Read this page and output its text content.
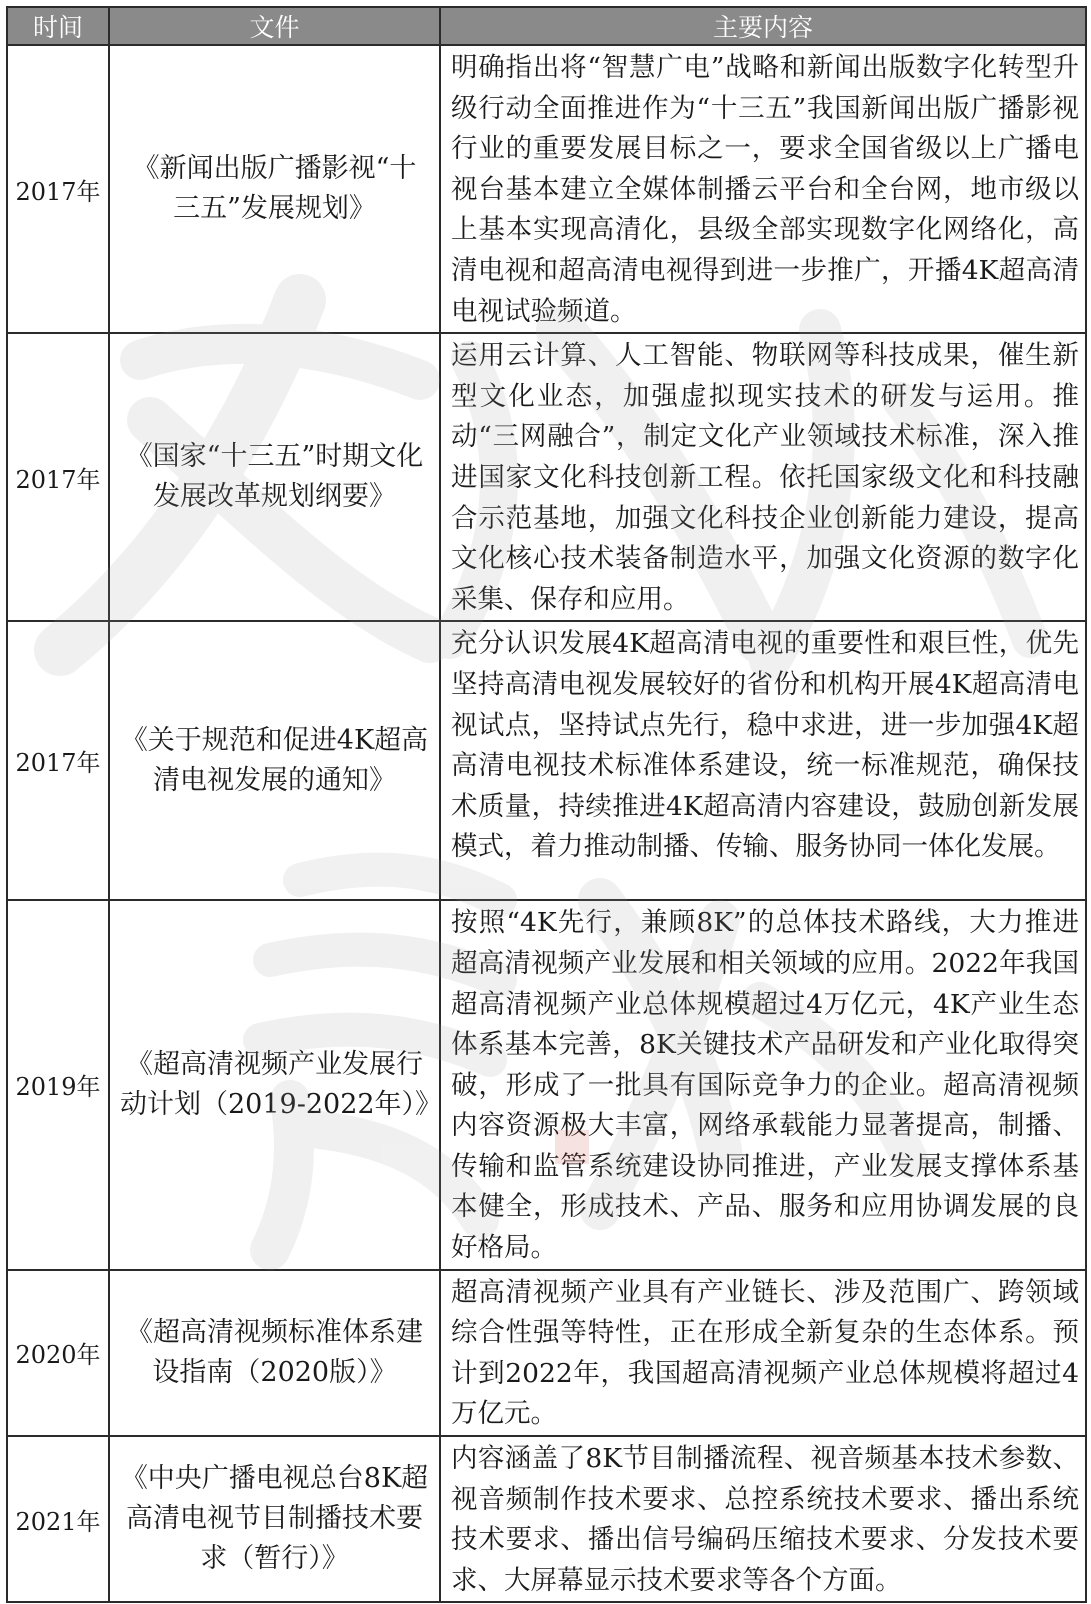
时间	文件	主要内容
2017年	《新闻出版广播影视“十三五”发展规划》	明确指出将“智慧广电”战略和新闻出版数字化转型升级行动全面推进作为“十三五”我国新闻出版广播影视行业的重要发展目标之一，要求全国省级以上广播电视台基本建立全媒体制播云平台和全台网，地市级以上基本实现高清化，县级全部实现数字化网络化，高清电视和超高清电视得到进一步推广，开播4K超高清电视试验频道。
2017年	《国家“十三五”时期文化发展改革规划纲要》	运用云计算、人工智能、物联网等科技成果，催生新型文化业态，加强虚拟现实技术的研发与运用。推动“三网融合”，制定文化产业领域技术标准，深入推进国家文化科技创新工程。依托国家级文化和科技融合示范基地，加强文化科技企业创新能力建设，提高文化核心技术装备制造水平，加强文化资源的数字化采集、保存和应用。
2017年	《关于规范和促进4K超高清电视发展的通知》	充分认识发展4K超高清电视的重要性和艰巨性，优先坚持高清电视发展较好的省份和机构开展4K超高清电视试点，坚持试点先行，稳中求进，进一步加强4K超高清电视技术标准体系建设，统一标准规范，确保技术质量，持续推进4K超高清内容建设，鼓励创新发展模式，着力推动制播、传输、服务协同一体化发展。
2019年	《超高清视频产业发展行动计划（2019-2022年）》	按照“4K先行，兼顾8K”的总体技术路线，大力推进超高清视频产业发展和相关领域的应用。2022年我国超高清视频产业总体规模超过4万亿元，4K产业生态体系基本完善，8K关键技术产品研发和产业化取得突破，形成了一批具有国际竞争力的企业。超高清视频内容资源极大丰富，网络承载能力显著提高，制播、传输和监管系统建设协同推进，产业发展支撑体系基本健全，形成技术、产品、服务和应用协调发展的良好格局。
2020年	《超高清视频标准体系建设指南（2020版）》	超高清视频产业具有产业链长、涉及范围广、跨领域综合性强等特性，正在形成全新复杂的生态体系。预计到2022年，我国超高清视频产业总体规模将超过4万亿元。
2021年	《中央广播电视总台8K超高清电视节目制播技术要求（暂行）》	内容涵盖了8K节目制播流程、视音频基本技术参数、视音频制作技术要求、总控系统技术要求、播出系统技术要求、播出信号编码压缩技术要求、分发技术要求、大屏幕显示技术要求等各个方面。
